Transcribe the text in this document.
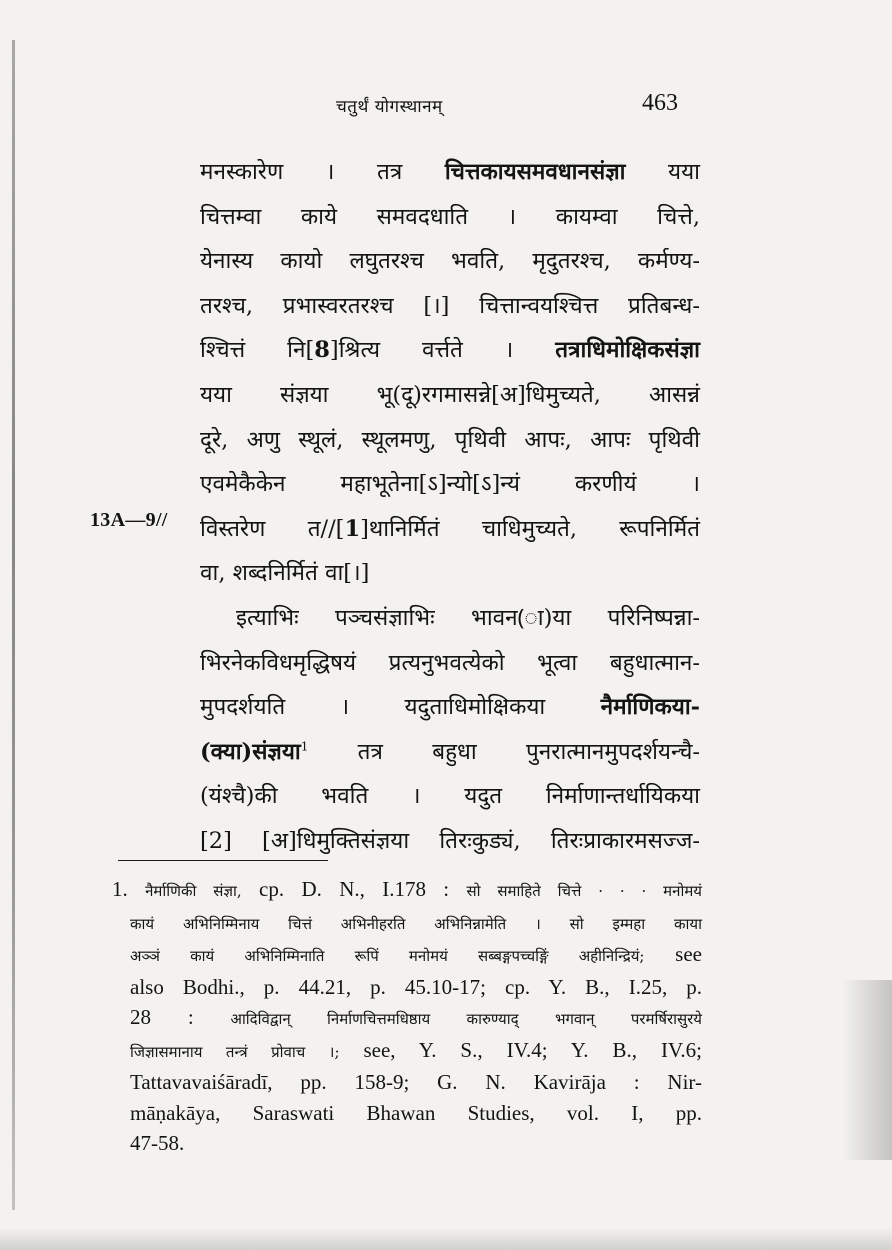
चतुर्थं योगस्थानम्	463
13A—9//
मनस्कारेण । तत्र चित्तकायसमवधानसंज्ञा यया
चित्तम्वा काये समवदधाति । कायम्वा चित्ते,
येनास्य कायो लघुतरश्च भवति, मृदुतरश्च, कर्मण्य-
तरश्च, प्रभास्वरतरश्च [।] चित्तान्वयश्चित्त प्रतिबन्ध-
श्चित्तं नि[8]श्रित्य वर्त्तते । तत्राधिमोक्षिकसंज्ञा
यया संज्ञया भू(दू)रगमासन्ने[अ]धिमुच्यते, आसन्नं
दूरे, अणु स्थूलं, स्थूलमणु, पृथिवी आपः, आपः पृथिवी
एवमेकैकेन महाभूतेना[ऽ]न्यो[ऽ]न्यं करणीयं ।
विस्तरेण त//[1]थानिर्मितं चाधिमुच्यते, रूपनिर्मितं
वा, शब्दनिर्मितं वा[।]
इत्याभिः पञ्चसंज्ञाभिः भावन(ा)या परिनिष्पन्ना-
भिरनेकविधमृद्धिषयं प्रत्यनुभवत्येको भूत्वा बहुधात्मान-
मुपदर्शयति । यदुताधिमोक्षिकया नैर्माणिकया-
(क्या)संज्ञया$^1$ तत्र बहुधा पुनरात्मानमुपदर्शयन्चै-
(यंश्चै)की भवति । यदुत निर्माणान्तर्धायिकया
[2] [अ]धिमुक्तिसंज्ञया तिरःकुड्यं, तिरःप्राकारमसज्ज-
1. नैर्माणिकी संज्ञा, cp. D. N., I.178 : सो समाहिते चित्ते · · · मनोमयं
कायं अभिनिम्मिनाय चित्तं अभिनीहरति अभिनिन्नामेति । सो इम्महा काया
अञ्ञं कायं अभिनिम्मिनाति रूपिं मनोमयं सब्बङ्गपच्चङ्गिं अहीनिन्द्रियं; see
also Bodhi., p. 44.21, p. 45.10-17; cp. Y. B., I.25, p.
28 : आदिविद्वान् निर्माणचित्तमधिष्ठाय कारुण्याद् भगवान् परमर्षिरासुरये
जिज्ञासमानाय तन्त्रं प्रोवाच ।; see, Y. S., IV.4; Y. B., IV.6;
Tattavavaiśāradī, pp. 158-9; G. N. Kavirāja : Nir-
māṇakāya, Saraswati Bhawan Studies, vol. I, pp.
47-58.
